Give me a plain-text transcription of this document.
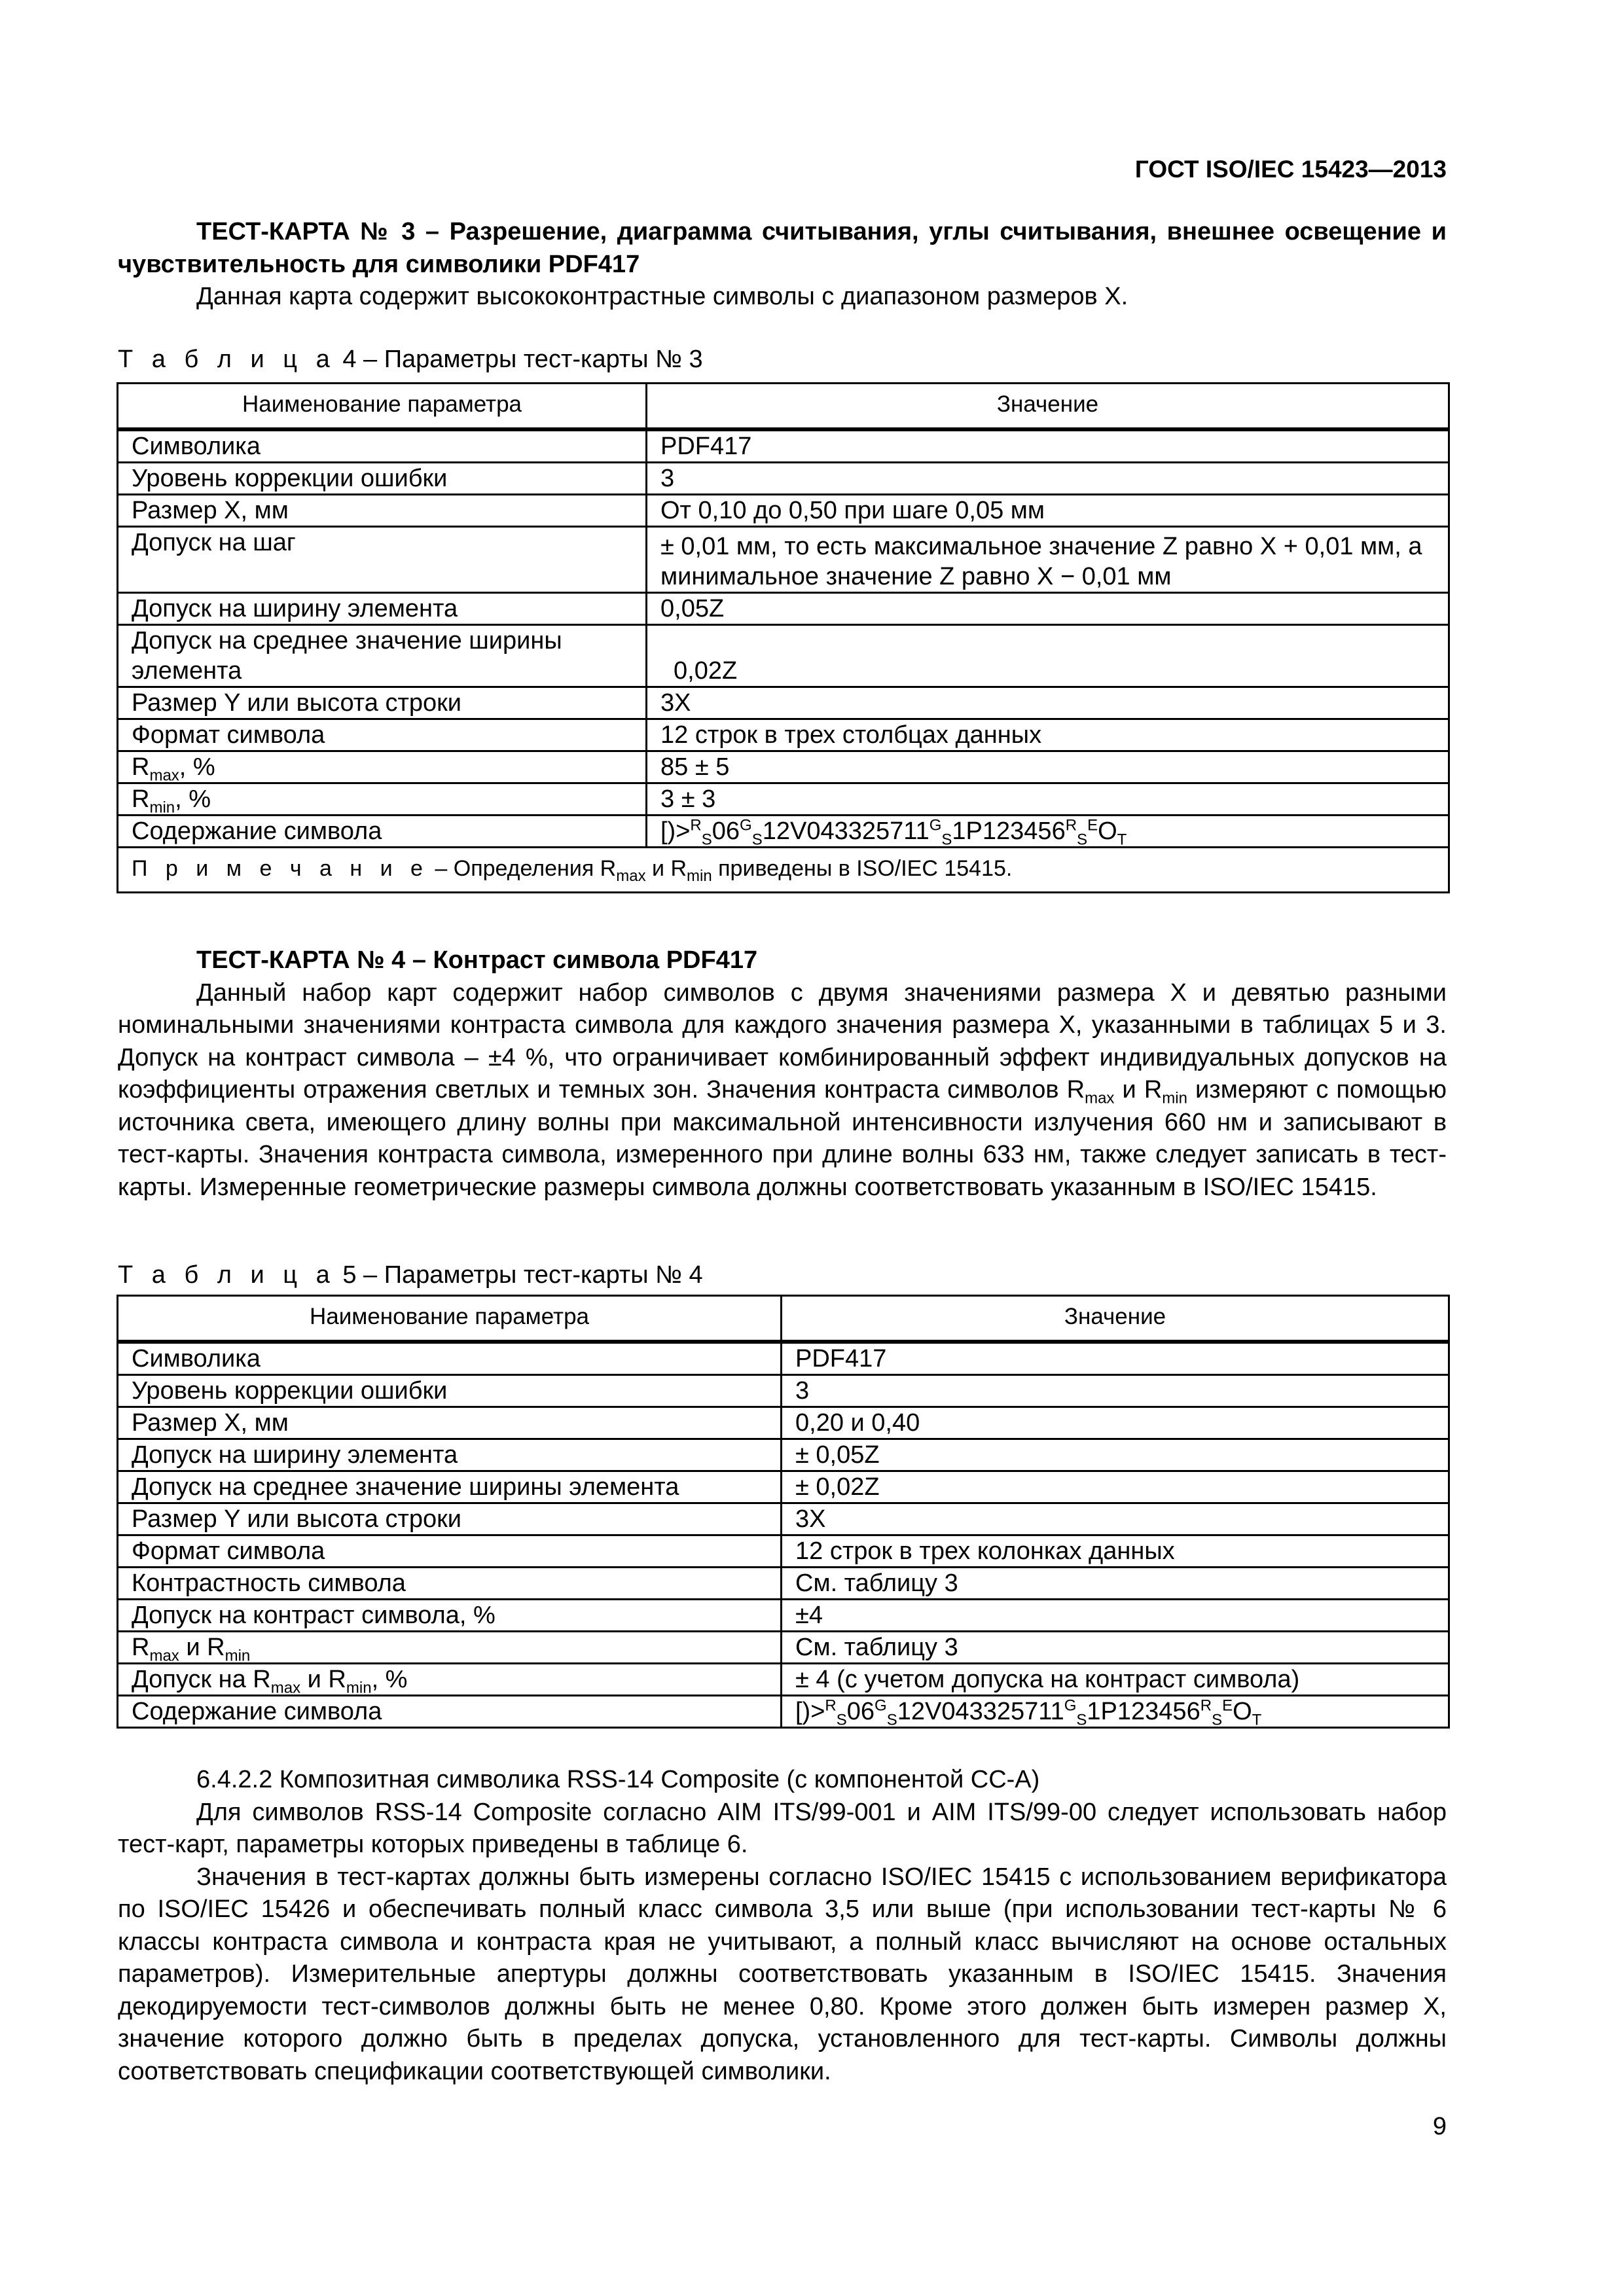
ГОСТ ISO/IEC 15423—2013
ТЕСТ-КАРТА № 3 – Разрешение, диаграмма считывания, углы считывания, внешнее освещение и чувствительность для символики PDF417
Данная карта содержит высококонтрастные символы с диапазоном размеров X.
Т а б л и ц а 4 – Параметры тест-карты № 3
Наименование параметра	Значение
Символика	PDF417
Уровень коррекции ошибки	3
Размер X, мм	От 0,10 до 0,50 при шаге 0,05 мм
Допуск на шаг	± 0,01 мм, то есть максимальное значение Z равно X + 0,01 мм, а минимальное значение Z равно X − 0,01 мм
Допуск на ширину элемента	0,05Z
Допуск на среднее значение ширины элемента	0,02Z
Размер Y или высота строки	3X
Формат символа	12 строк в трех столбцах данных
$R_{max}$, %	85 ± 5
$R_{min}$, %	3 ± 3
Содержание символа	$[)>^R_S06^G_S12V043325711^G_S1P123456^R_S^EO_T$
П р и м е ч а н и е – Определения $R_{max}$ и $R_{min}$ приведены в ISO/IEC 15415.	
ТЕСТ-КАРТА № 4 – Контраст символа PDF417
Данный набор карт содержит набор символов с двумя значениями размера X и девятью разными номинальными значениями контраста символа для каждого значения размера X, указанными в таблицах 5 и 3. Допуск на контраст символа – ±4 %, что ограничивает комбинированный эффект индивидуальных допусков на коэффициенты отражения светлых и темных зон. Значения контраста символов $R_{max}$ и $R_{min}$ измеряют с помощью источника света, имеющего длину волны при максимальной интенсивности излучения 660 нм и записывают в тест-карты. Значения контраста символа, измеренного при длине волны 633 нм, также следует записать в тест-карты. Измеренные геометрические размеры символа должны соответствовать указанным в ISO/IEC 15415.
Т а б л и ц а 5 – Параметры тест-карты № 4
Наименование параметра	Значение
Символика	PDF417
Уровень коррекции ошибки	3
Размер X, мм	0,20 и 0,40
Допуск на ширину элемента	± 0,05Z
Допуск на среднее значение ширины элемента	± 0,02Z
Размер Y или высота строки	3X
Формат символа	12 строк в трех колонках данных
Контрастность символа	См. таблицу 3
Допуск на контраст символа, %	±4
$R_{max}$ и $R_{min}$	См. таблицу 3
Допуск на $R_{max}$ и $R_{min}$, %	± 4 (с учетом допуска на контраст символа)
Содержание символа	$[)>^R_S06^G_S12V043325711^G_S1P123456^R_S^EO_T$
6.4.2.2 Композитная символика RSS-14 Composite (с компонентой CC-A)
Для символов RSS-14 Composite согласно AIM ITS/99-001 и AIM ITS/99-00 следует использовать набор тест-карт, параметры которых приведены в таблице 6.
Значения в тест-картах должны быть измерены согласно ISO/IEC 15415 с использованием верификатора по ISO/IEC 15426 и обеспечивать полный класс символа 3,5 или выше (при использовании тест-карты № 6 классы контраста символа и контраста края не учитывают, а полный класс вычисляют на основе остальных параметров). Измерительные апертуры должны соответствовать указанным в ISO/IEC 15415. Значения декодируемости тест-символов должны быть не менее 0,80. Кроме этого должен быть измерен размер X, значение которого должно быть в пределах допуска, установленного для тест-карты. Символы должны соответствовать спецификации соответствующей символики.
9
